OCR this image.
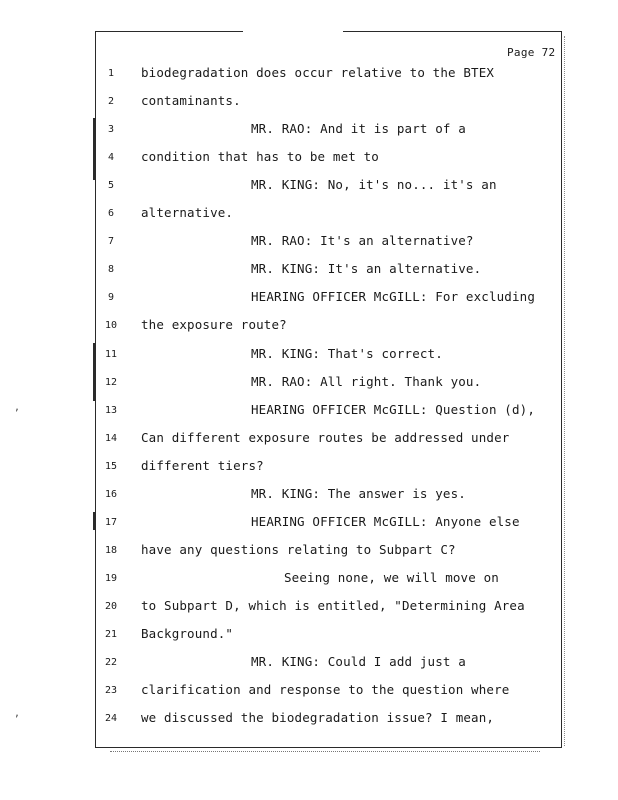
‚
‚
Page 72
1	biodegradation does occur relative to the BTEX
2	contaminants.
3	MR. RAO: And it is part of a
4	condition that has to be met to
5	MR. KING: No, it's no... it's an
6	alternative.
7	MR. RAO: It's an alternative?
8	MR. KING: It's an alternative.
9	HEARING OFFICER McGILL: For excluding
10	the exposure route?
11	MR. KING: That's correct.
12	MR. RAO: All right. Thank you.
13	HEARING OFFICER McGILL: Question (d),
14	Can different exposure routes be addressed under
15	different tiers?
16	MR. KING: The answer is yes.
17	HEARING OFFICER McGILL: Anyone else
18	have any questions relating to Subpart C?
19	Seeing none, we will move on
20	to Subpart D, which is entitled, "Determining Area
21	Background."
22	MR. KING: Could I add just a
23	clarification and response to the question where
24	we discussed the biodegradation issue? I mean,
